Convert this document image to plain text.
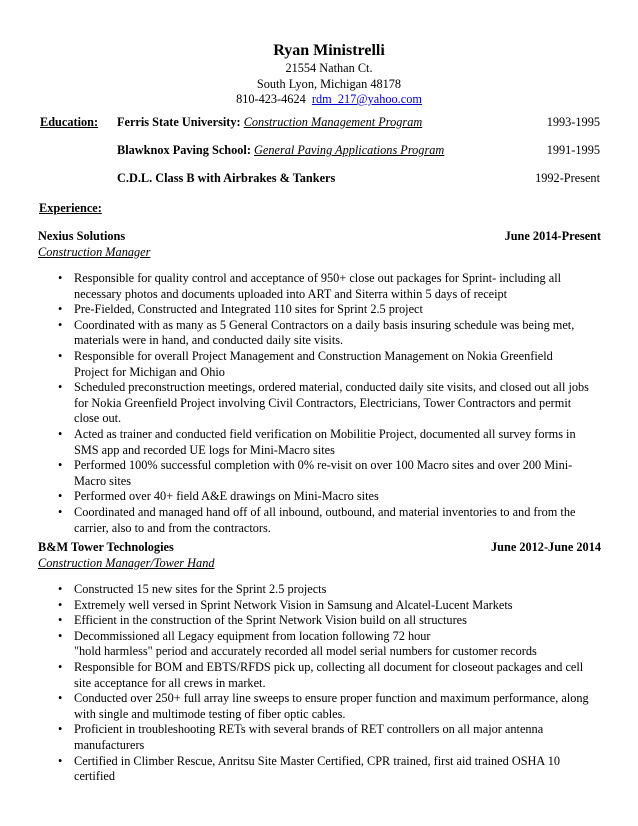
Ryan Ministrelli
21554 Nathan Ct.
South Lyon, Michigan 48178
810-423-4624 rdm_217@yahoo.com
Education: Ferris State University: Construction Management Program	1993-1995
Blawknox Paving School: General Paving Applications Program	1991-1995
C.D.L. Class B with Airbrakes & Tankers	1992-Present
Experience:
Nexius Solutions	June 2014-Present
Construction Manager
• Responsible for quality control and acceptance of 950+ close out packages for Sprint- including all
necessary photos and documents uploaded into ART and Siterra within 5 days of receipt
• Pre-Fielded, Constructed and Integrated 110 sites for Sprint 2.5 project
• Coordinated with as many as 5 General Contractors on a daily basis insuring schedule was being met,
materials were in hand, and conducted daily site visits.
• Responsible for overall Project Management and Construction Management on Nokia Greenfield
Project for Michigan and Ohio
• Scheduled preconstruction meetings, ordered material, conducted daily site visits, and closed out all jobs
for Nokia Greenfield Project involving Civil Contractors, Electricians, Tower Contractors and permit
close out.
• Acted as trainer and conducted field verification on Mobilitie Project, documented all survey forms in
SMS app and recorded UE logs for Mini-Macro sites
• Performed 100% successful completion with 0% re-visit on over 100 Macro sites and over 200 Mini-
Macro sites
• Performed over 40+ field A&E drawings on Mini-Macro sites
• Coordinated and managed hand off of all inbound, outbound, and material inventories to and from the
carrier, also to and from the contractors.
B&M Tower Technologies	June 2012-June 2014
Construction Manager/Tower Hand
• Constructed 15 new sites for the Sprint 2.5 projects
• Extremely well versed in Sprint Network Vision in Samsung and Alcatel-Lucent Markets
• Efficient in the construction of the Sprint Network Vision build on all structures
• Decommissioned all Legacy equipment from location following 72 hour
"hold harmless" period and accurately recorded all model serial numbers for customer records
• Responsible for BOM and EBTS/RFDS pick up, collecting all document for closeout packages and cell
site acceptance for all crews in market.
• Conducted over 250+ full array line sweeps to ensure proper function and maximum performance, along
with single and multimode testing of fiber optic cables.
• Proficient in troubleshooting RETs with several brands of RET controllers on all major antenna
manufacturers
• Certified in Climber Rescue, Anritsu Site Master Certified, CPR trained, first aid trained OSHA 10
certified
